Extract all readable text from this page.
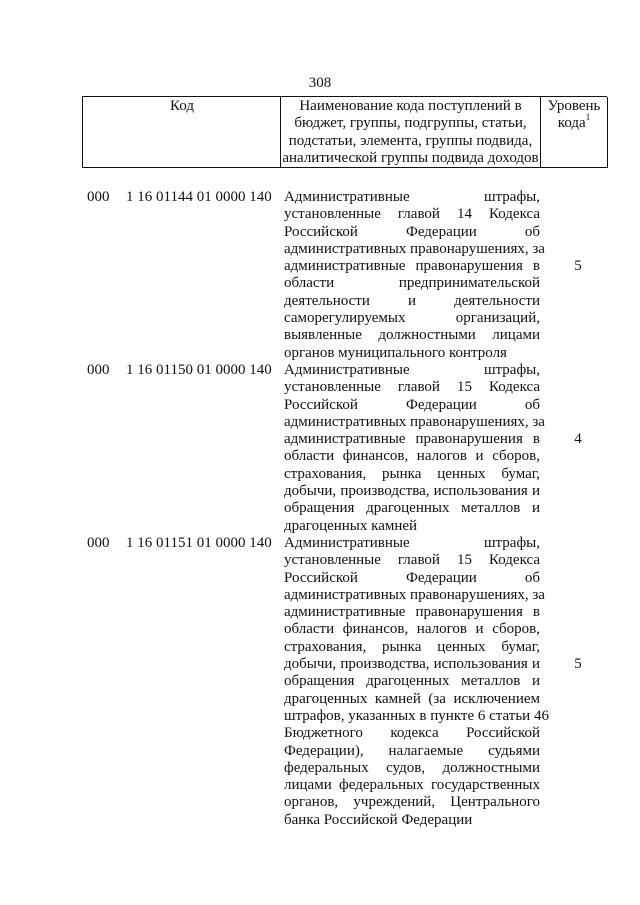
308
Код	Наименование кода поступлений в
бюджет, группы, подгруппы, статьи,
подстатьи, элемента, группы подвида,
аналитической группы подвида доходов
Уровень
кода$^1$
000 1 16 01144 01 0000 140 Административные штрафы,
установленные главой 14 Кодекса
Российской Федерации об
административных правонарушениях, за
административные правонарушения в
области предпринимательской
деятельности и деятельности
саморегулируемых организаций,
выявленные должностными лицами
органов муниципального контроля
5
000 1 16 01150 01 0000 140 Административные штрафы,
установленные главой 15 Кодекса
Российской Федерации об
административных правонарушениях, за
административные правонарушения в
области финансов, налогов и сборов,
страхования, рынка ценных бумаг,
добычи, производства, использования и
обращения драгоценных металлов и
драгоценных камней
4
000 1 16 01151 01 0000 140 Административные штрафы,
установленные главой 15 Кодекса
Российской Федерации об
административных правонарушениях, за
административные правонарушения в
области финансов, налогов и сборов,
страхования, рынка ценных бумаг,
добычи, производства, использования и
обращения драгоценных металлов и
драгоценных камней (за исключением
штрафов, указанных в пункте 6 статьи 46
Бюджетного кодекса Российской
Федерации), налагаемые судьями
федеральных судов, должностными
лицами федеральных государственных
органов, учреждений, Центрального
банка Российской Федерации
5
